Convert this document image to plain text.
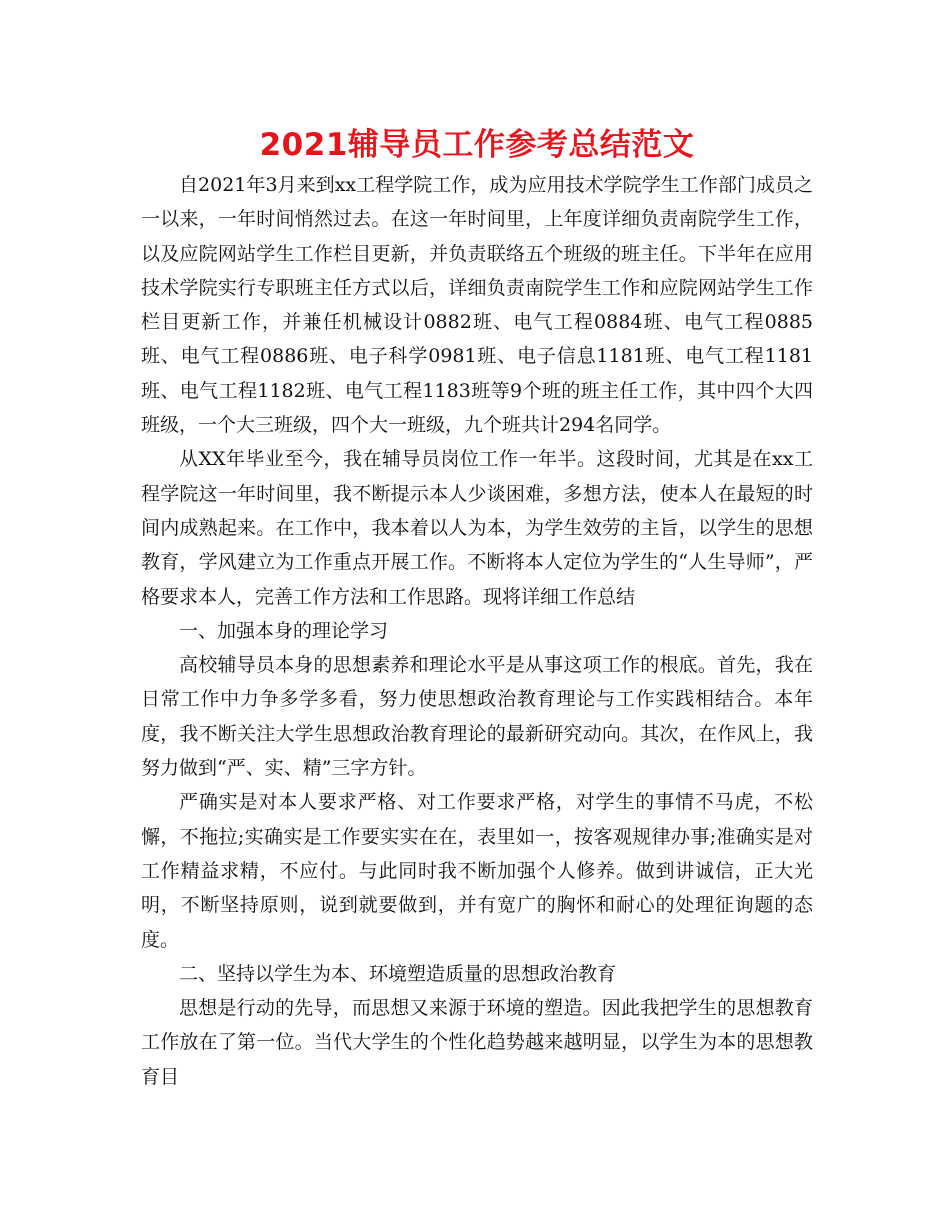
2021辅导员工作参考总结范文

自2021年3月来到xx工程学院工作，成为应用技术学院学生工作部门成员之一以来，一年时间悄然过去。在这一年时间里，上年度详细负责南院学生工作，以及应院网站学生工作栏目更新，并负责联络五个班级的班主任。下半年在应用技术学院实行专职班主任方式以后，详细负责南院学生工作和应院网站学生工作栏目更新工作，并兼任机械设计0882班、电气工程0884班、电气工程0885班、电气工程0886班、电子科学0981班、电子信息1181班、电气工程1181班、电气工程1182班、电气工程1183班等9个班的班主任工作，其中四个大四班级，一个大三班级，四个大一班级，九个班共计294名同学。

从XX年毕业至今，我在辅导员岗位工作一年半。这段时间，尤其是在xx工程学院这一年时间里，我不断提示本人少谈困难，多想方法，使本人在最短的时间内成熟起来。在工作中，我本着以人为本，为学生效劳的主旨，以学生的思想教育，学风建立为工作重点开展工作。不断将本人定位为学生的“人生导师”，严格要求本人，完善工作方法和工作思路。现将详细工作总结

一、加强本身的理论学习

高校辅导员本身的思想素养和理论水平是从事这项工作的根底。首先，我在日常工作中力争多学多看，努力使思想政治教育理论与工作实践相结合。本年度，我不断关注大学生思想政治教育理论的最新研究动向。其次，在作风上，我努力做到“严、实、精”三字方针。

严确实是对本人要求严格、对工作要求严格，对学生的事情不马虎，不松懈，不拖拉;实确实是工作要实实在在，表里如一，按客观规律办事;准确实是对工作精益求精，不应付。与此同时我不断加强个人修养。做到讲诚信，正大光明，不断坚持原则，说到就要做到，并有宽广的胸怀和耐心的处理征询题的态度。

二、坚持以学生为本、环境塑造质量的思想政治教育

思想是行动的先导，而思想又来源于环境的塑造。因此我把学生的思想教育工作放在了第一位。当代大学生的个性化趋势越来越明显，以学生为本的思想教育目
